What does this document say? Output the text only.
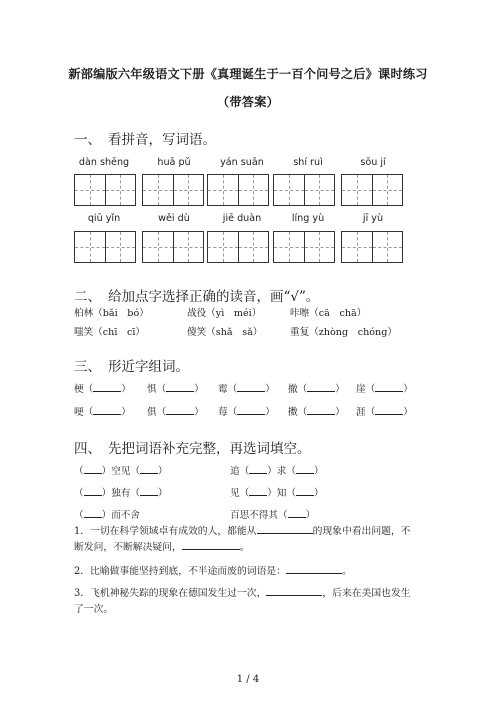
新部编版六年级语文下册《真理诞生于一百个问号之后》课时练习
（带答案）
一、 看拼音，写词语。
dàn shēng	huā pǔ	yán suān	shí ruì	sōu jí
qiū yǐn	wěi dù	jiē duàn	líng yù	jī yù
二、 给加点字选择正确的读音，画“√”。
柏林（bǎi　bó）	战役（yì　méi）	咔嚓（cā　chā）
嗤笑（chī　cī）	傻笑（shǎ　sǎ）	重复（zhòng　chóng）
三、 形近字组词。
梗（	） 惧（	） 霉（	） 撤（	） 崖（	）
哽（	） 俱（	） 莓（	） 擞（	） 涯（	）
四、 先把词语补充完整，再选词填空。
（ ）空见（ ）	追（ ）求（ ）
（ ）独有（ ）	见（ ）知（ ）
（ ）而不舍	百思不得其（ ）
1．一切在科学领域卓有成效的人，都能从	的现象中看出问题，不
断发问，不断解决疑问，	。
2．比喻做事能坚持到底，不半途而废的词语是：	。
3．飞机神秘失踪的现象在德国发生过一次，	，后来在美国也发生
了一次。
1 / 4
